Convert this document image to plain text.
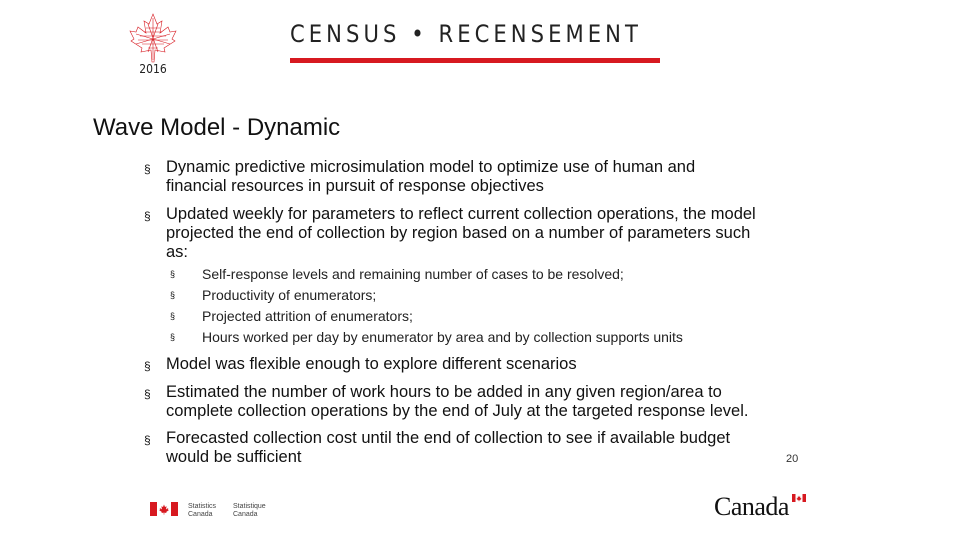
2016
CENSUS • RECENSEMENT
Wave Model - Dynamic
§ Dynamic predictive microsimulation model to optimize use of human and
financial resources in pursuit of response objectives
§ Updated weekly for parameters to reflect current collection operations, the model
projected the end of collection by region based on a number of parameters such
as:
§ Self-response levels and remaining number of cases to be resolved;
§ Productivity of enumerators;
§ Projected attrition of enumerators;
§ Hours worked per day by enumerator by area and by collection supports units
§ Model was flexible enough to explore different scenarios
§ Estimated the number of work hours to be added in any given region/area to
complete collection operations by the end of July at the targeted response level.
§ Forecasted collection cost until the end of collection to see if available budget
would be sufficient	20
Statistics
Canada
Statistique
Canada	Canada
